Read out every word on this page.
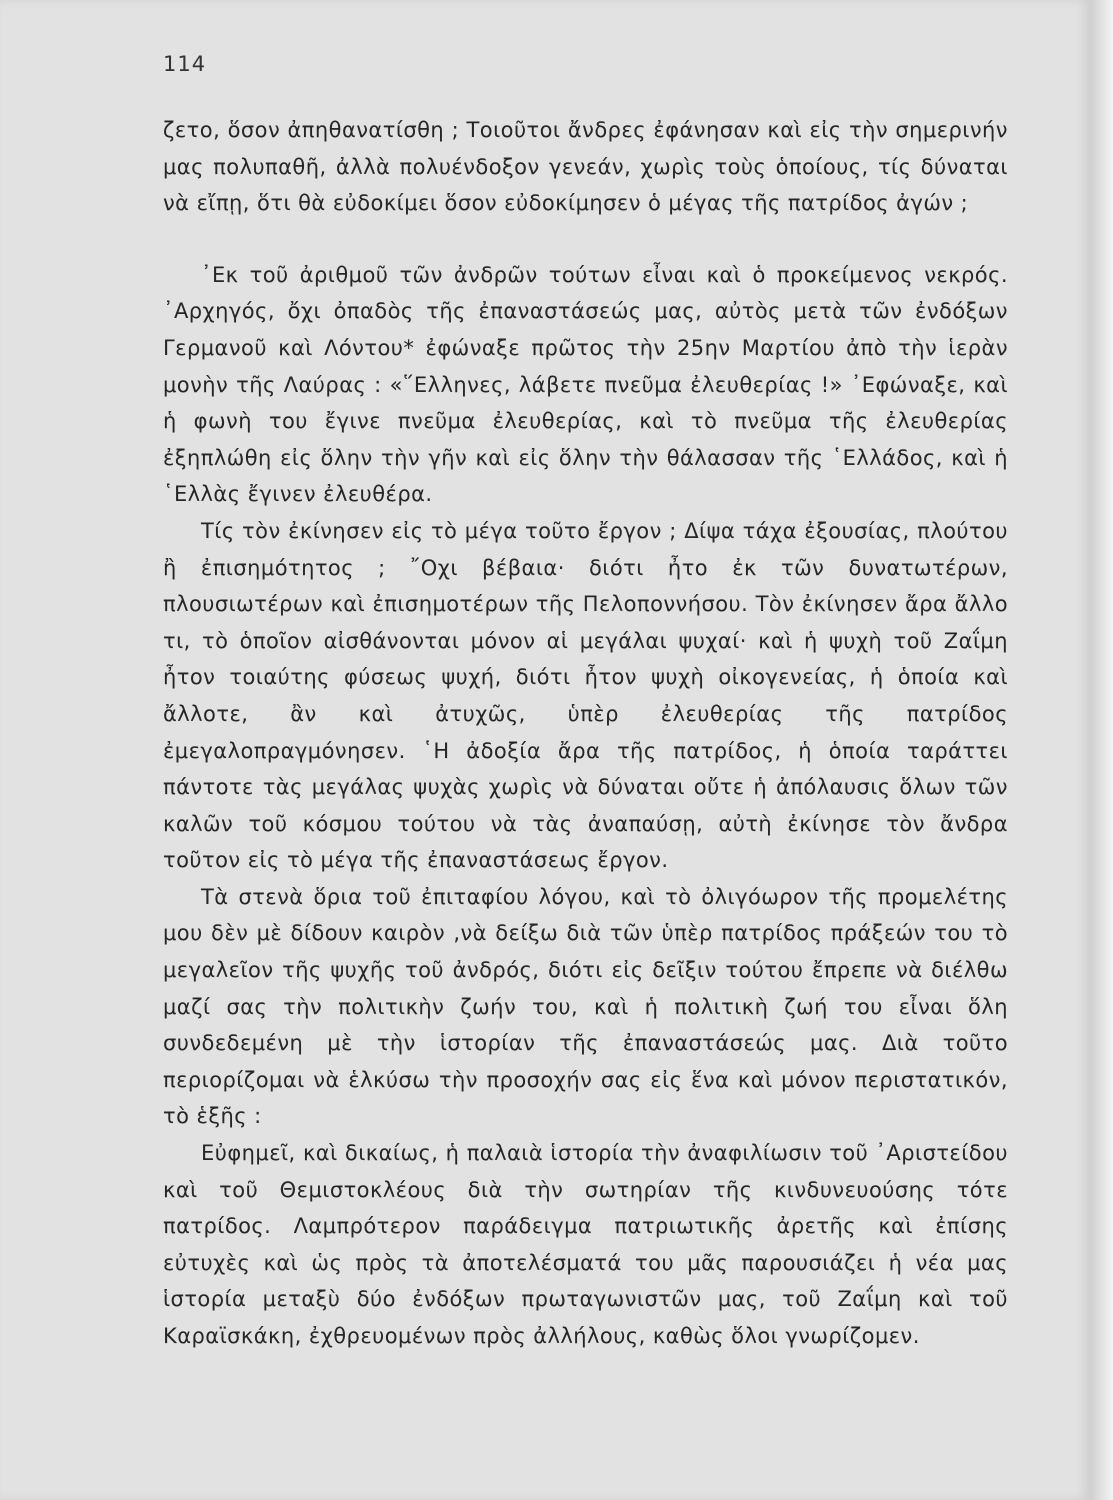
114

ζετο, ὅσον ἀπηθανατίσθη ; Τοιοῦτοι ἄνδρες ἐφάνησαν καὶ εἰς τὴν σημερινήν μας πολυπαθῆ, ἀλλὰ πολυένδοξον γενεάν, χωρὶς τοὺς ὁποίους, τίς δύναται νὰ εἴπῃ, ὅτι θὰ εὐδοκίμει ὅσον εὐδοκίμησεν ὁ μέγας τῆς πατρίδος ἀγών ;

᾿Εκ τοῦ ἀριθμοῦ τῶν ἀνδρῶν τούτων εἶναι καὶ ὁ προκείμενος νεκρός. ᾿Αρχηγός, ὄχι ὀπαδὸς τῆς ἐπαναστάσεώς μας, αὐτὸς μετὰ τῶν ἐνδόξων Γερμανοῦ καὶ Λόντου* ἐφώναξε πρῶτος τὴν 25ην Μαρτίου ἀπὸ τὴν ἱερὰν μονὴν τῆς Λαύρας : «῞Ελληνες, λάβετε πνεῦμα ἐλευθερίας !» ᾿Εφώναξε, καὶ ἡ φωνὴ του ἔγινε πνεῦμα ἐλευθερίας, καὶ τὸ πνεῦμα τῆς ἐλευθερίας ἐξηπλώθη εἰς ὅλην τὴν γῆν καὶ εἰς ὅλην τὴν θάλασσαν τῆς ῾Ελλάδος, καὶ ἡ ῾Ελλὰς ἔγινεν ἐλευθέρα.

Τίς τὸν ἐκίνησεν εἰς τὸ μέγα τοῦτο ἔργον ; Δίψα τάχα ἐξουσίας, πλούτου ἢ ἐπισημότητος ; ῎Οχι βέβαια· διότι ἦτο ἐκ τῶν δυνατωτέρων, πλουσιωτέρων καὶ ἐπισημοτέρων τῆς Πελοποννήσου. Τὸν ἐκίνησεν ἄρα ἄλλο τι, τὸ ὁποῖον αἰσθάνονται μόνον αἱ μεγάλαι ψυχαί· καὶ ἡ ψυχὴ τοῦ Ζαΐμη ἦτον τοιαύτης φύσεως ψυχή, διότι ἦτον ψυχὴ οἰκογενείας, ἡ ὁποία καὶ ἄλλοτε, ἂν καὶ ἀτυχῶς, ὑπὲρ ἐλευθερίας τῆς πατρίδος ἐμεγαλοπραγμόνησεν. ῾Η ἀδοξία ἄρα τῆς πατρίδος, ἡ ὁποία ταράττει πάντοτε τὰς μεγάλας ψυχὰς χωρὶς νὰ δύναται οὔτε ἡ ἀπόλαυσις ὅλων τῶν καλῶν τοῦ κόσμου τούτου νὰ τὰς ἀναπαύσῃ, αὐτὴ ἐκίνησε τὸν ἄνδρα τοῦτον εἰς τὸ μέγα τῆς ἐπαναστάσεως ἔργον.

Τὰ στενὰ ὅρια τοῦ ἐπιταφίου λόγου, καὶ τὸ ὀλιγόωρον τῆς προμελέτης μου δὲν μὲ δίδουν καιρὸν ,νὰ δείξω διὰ τῶν ὑπὲρ πατρίδος πράξεών του τὸ μεγαλεῖον τῆς ψυχῆς τοῦ ἀνδρός, διότι εἰς δεῖξιν τούτου ἔπρεπε νὰ διέλθω μαζί σας τὴν πολιτικὴν ζωήν του, καὶ ἡ πολιτικὴ ζωή του εἶναι ὅλη συνδεδεμένη μὲ τὴν ἱστορίαν τῆς ἐπαναστάσεώς μας. Διὰ τοῦτο περιορίζομαι νὰ ἑλκύσω τὴν προσοχήν σας εἰς ἕνα καὶ μόνον περιστατικόν, τὸ ἑξῆς :

Εὐφημεῖ, καὶ δικαίως, ἡ παλαιὰ ἱστορία τὴν ἀναφιλίωσιν τοῦ ᾿Αριστείδου καὶ τοῦ Θεμιστοκλέους διὰ τὴν σωτηρίαν τῆς κινδυνευούσης τότε πατρίδος. Λαμπρότερον παράδειγμα πατριωτικῆς ἀρετῆς καὶ ἐπίσης εὐτυχὲς καὶ ὡς πρὸς τὰ ἀποτελέσματά του μᾶς παρουσιάζει ἡ νέα μας ἱστορία μεταξὺ δύο ἐνδόξων πρωταγωνιστῶν μας, τοῦ Ζαΐμη καὶ τοῦ Καραϊσκάκη, ἐχθρευομένων πρὸς ἀλλήλους, καθὼς ὅλοι γνωρίζομεν.
